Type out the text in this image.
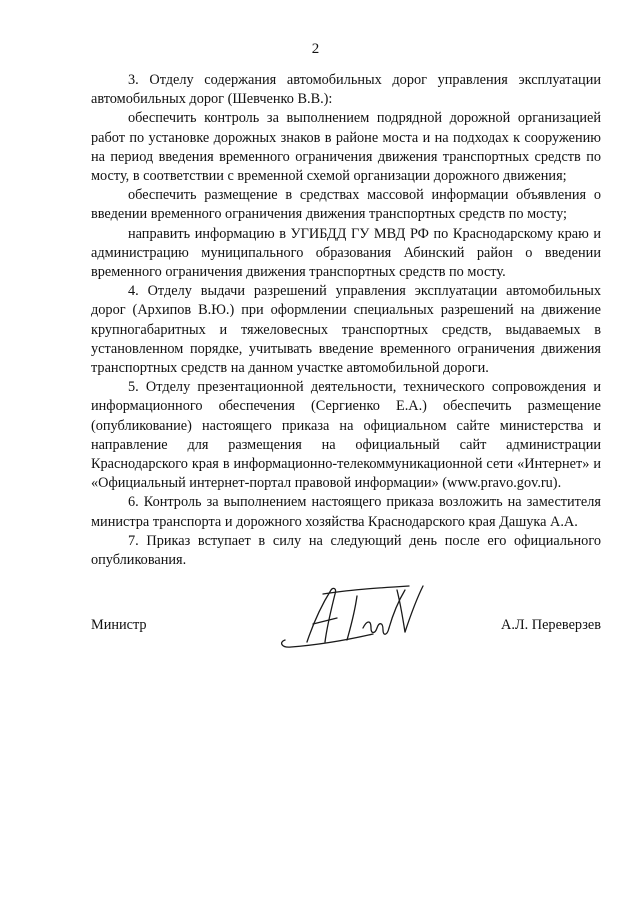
2

3. Отделу содержания автомобильных дорог управления эксплуатации автомобильных дорог (Шевченко В.В.):

обеспечить контроль за выполнением подрядной дорожной организацией работ по установке дорожных знаков в районе моста и на подходах к сооружению на период введения временного ограничения движения транспортных средств по мосту, в соответствии с временной схемой организации дорожного движения;

обеспечить размещение в средствах массовой информации объявления о введении временного ограничения движения транспортных средств по мосту;

направить информацию в УГИБДД ГУ МВД РФ по Краснодарскому краю и администрацию муниципального образования Абинский район о введении временного ограничения движения транспортных средств по мосту.

4. Отделу выдачи разрешений управления эксплуатации автомобильных дорог (Архипов В.Ю.) при оформлении специальных разрешений на движение крупногабаритных и тяжеловесных транспортных средств, выдаваемых в установленном порядке, учитывать введение временного ограничения движения транспортных средств на данном участке автомобильной дороги.

5. Отделу презентационной деятельности, технического сопровождения и информационного обеспечения (Сергиенко Е.А.) обеспечить размещение (опубликование) настоящего приказа на официальном сайте министерства и направление для размещения на официальный сайт администрации Краснодарского края в информационно-телекоммуникационной сети «Интернет» и «Официальный интернет-портал правовой информации» (www.pravo.gov.ru).

6. Контроль за выполнением настоящего приказа возложить на заместителя министра транспорта и дорожного хозяйства Краснодарского края Дашука А.А.

7. Приказ вступает в силу на следующий день после его официального опубликования.

Министр	А.Л. Переверзев
